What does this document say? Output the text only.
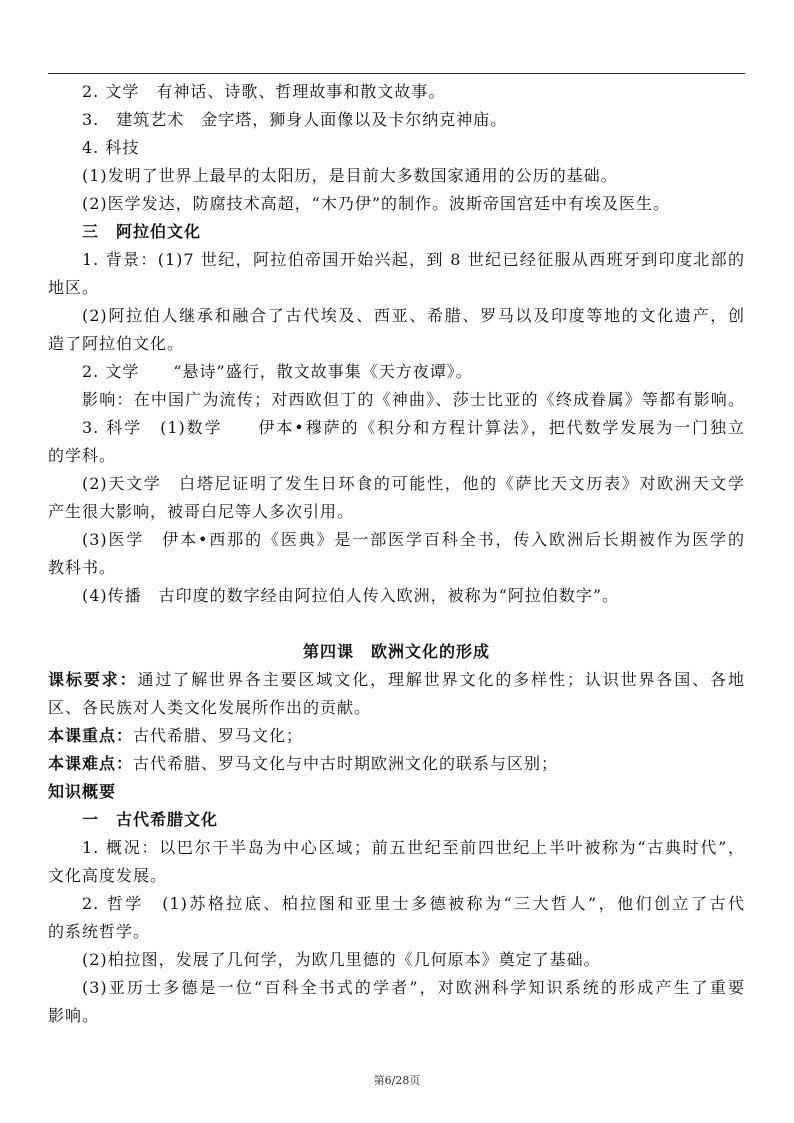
2. 文学　有神话、诗歌、哲理故事和散文故事。
3.　建筑艺术　金字塔，狮身人面像以及卡尔纳克神庙。
4. 科技
(1)发明了世界上最早的太阳历，是目前大多数国家通用的公历的基础。
(2)医学发达，防腐技术高超，“木乃伊”的制作。波斯帝国宫廷中有埃及医生。
三　阿拉伯文化
1. 背景：(1)7 世纪，阿拉伯帝国开始兴起，到 8 世纪已经征服从西班牙到印度北部的
地区。
(2)阿拉伯人继承和融合了古代埃及、西亚、希腊、罗马以及印度等地的文化遗产，创
造了阿拉伯文化。
2. 文学　　“悬诗”盛行，散文故事集《天方夜谭》。
影响：在中国广为流传；对西欧但丁的《神曲》、莎士比亚的《终成眷属》等都有影响。
3. 科学　(1)数学　　伊本•穆萨的《积分和方程计算法》，把代数学发展为一门独立
的学科。
(2)天文学　白塔尼证明了发生日环食的可能性，他的《萨比天文历表》对欧洲天文学
产生很大影响，被哥白尼等人多次引用。
(3)医学　伊本•西那的《医典》是一部医学百科全书，传入欧洲后长期被作为医学的
教科书。
(4)传播　古印度的数字经由阿拉伯人传入欧洲，被称为“阿拉伯数字”。
第四课　欧洲文化的形成
课标要求：通过了解世界各主要区域文化，理解世界文化的多样性；认识世界各国、各地
区、各民族对人类文化发展所作出的贡献。
本课重点：古代希腊、罗马文化；
本课难点：古代希腊、罗马文化与中古时期欧洲文化的联系与区别；
知识概要
一　古代希腊文化
1. 概况：以巴尔干半岛为中心区域；前五世纪至前四世纪上半叶被称为“古典时代”，
文化高度发展。
2. 哲学　(1)苏格拉底、柏拉图和亚里士多德被称为“三大哲人”，他们创立了古代
的系统哲学。
(2)柏拉图，发展了几何学，为欧几里德的《几何原本》奠定了基础。
(3)亚历士多德是一位“百科全书式的学者”，对欧洲科学知识系统的形成产生了重要
影响。
第6/28页
